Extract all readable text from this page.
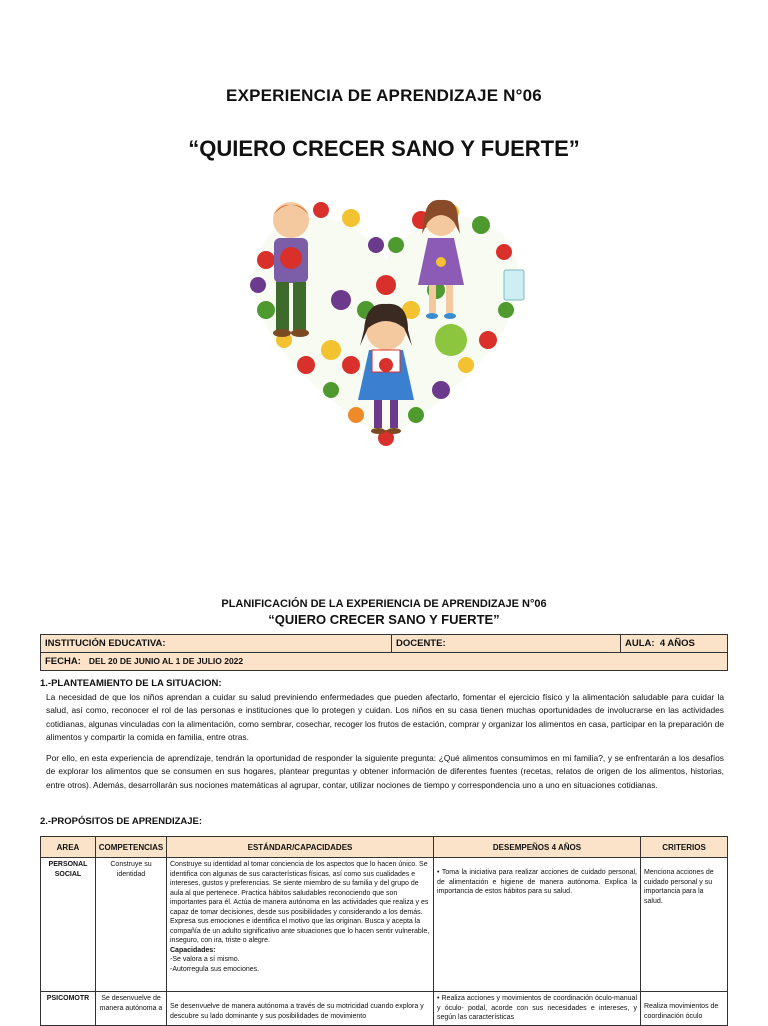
EXPERIENCIA DE APRENDIZAJE N°06
“QUIERO CRECER SANO Y FUERTE”
PLANIFICACIÓN DE LA EXPERIENCIA DE APRENDIZAJE N°06
“QUIERO CRECER SANO Y FUERTE”
INSTITUCIÓN EDUCATIVA:	DOCENTE:	AULA: 4 AÑOS
FECHA: DEL 20 DE JUNIO AL 1 DE JULIO 2022
1.-PLANTEAMIENTO DE LA SITUACION:
La necesidad de que los niños aprendan a cuidar su salud previniendo enfermedades que pueden afectarlo, fomentar el ejercicio físico y la alimentación saludable para cuidar la salud, así como, reconocer el rol de las personas e instituciones que lo protegen y cuidan. Los niños en su casa tienen muchas oportunidades de involucrarse en las actividades cotidianas, algunas vinculadas con la alimentación, como sembrar, cosechar, recoger los frutos de estación, comprar y organizar los alimentos en casa, participar en la preparación de alimentos y compartir la comida en familia, entre otras.
Por ello, en esta experiencia de aprendizaje, tendrán la oportunidad de responder la siguiente pregunta: ¿Qué alimentos consumimos en mi familia?, y se enfrentarán a los desafíos de explorar los alimentos que se consumen en sus hogares, plantear preguntas y obtener información de diferentes fuentes (recetas, relatos de origen de los alimentos, historias, entre otros). Además, desarrollarán sus nociones matemáticas al agrupar, contar, utilizar nociones de tiempo y correspondencia uno a uno en situaciones cotidianas.
2.-PROPÓSITOS DE APRENDIZAJE:
AREA	COMPETENCIAS	ESTÁNDAR/CAPACIDADES	DESEMPEÑOS 4 AÑOS	CRITERIOS
PERSONAL SOCIAL	Construye su identidad	Construye su identidad al tomar conciencia de los aspectos que lo hacen único. Se identifica con algunas de sus características físicas, así como sus cualidades e intereses, gustos y preferencias. Se siente miembro de su familia y del grupo de aula al que pertenece. Practica hábitos saludables reconociendo que son importantes para él. Actúa de manera autónoma en las actividades que realiza y es capaz de tomar decisiones, desde sus posibilidades y considerando a los demás. Expresa sus emociones e identifica el motivo que las originan. Busca y acepta la compañía de un adulto significativo ante situaciones que lo hacen sentir vulnerable, inseguro, con ira, triste o alegre.
Capacidades:
-Se valora a sí mismo.
-Autorregula sus emociones.	• Toma la iniciativa para realizar acciones de cuidado personal, de alimentación e higiene de manera autónoma. Explica la importancia de estos hábitos para su salud.	Menciona acciones de cuidado personal y su importancia para la salud.
PSICOMOTR	Se desenvuelve de manera autónoma a	Se desenvuelve de manera autónoma a través de su motricidad cuando explora y descubre su lado dominante y sus posibilidades de movimiento	• Realiza acciones y movimientos de coordinación óculo-manual y óculo- podal, acorde con sus necesidades e intereses, y según las características	Realiza movimientos de coordinación óculo
